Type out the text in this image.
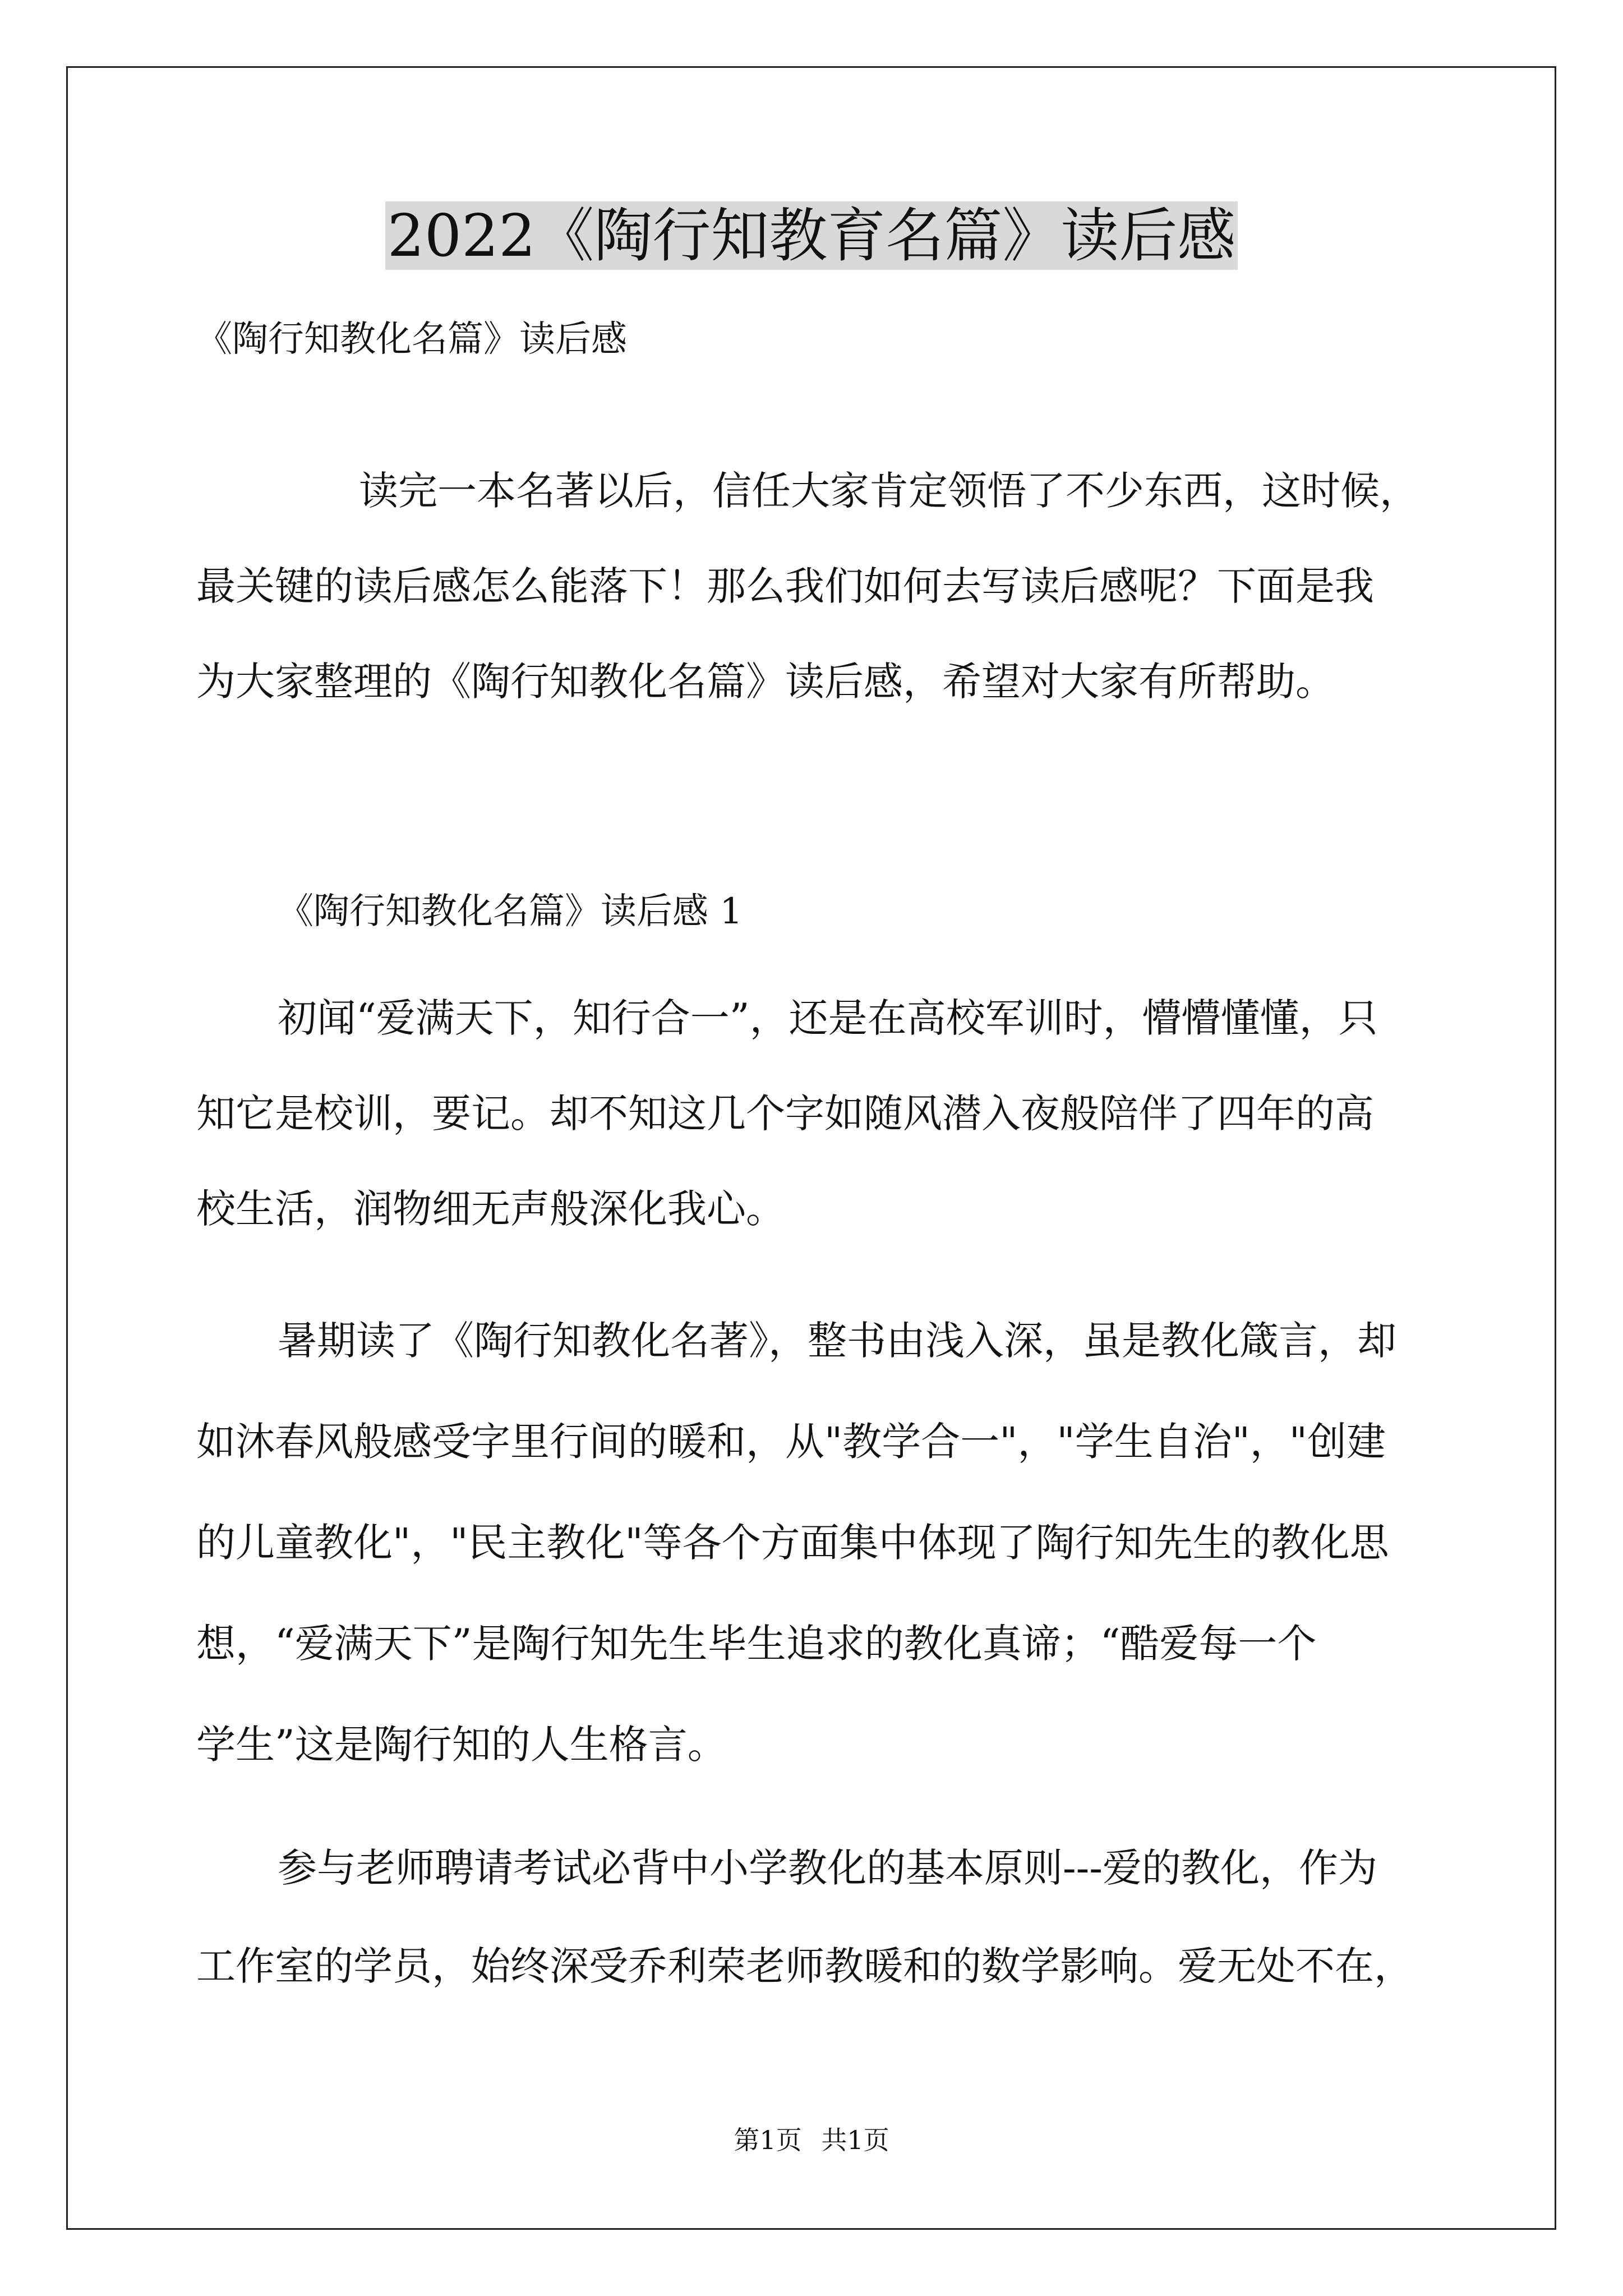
2022《陶行知教育名篇》读后感
《陶行知教化名篇》读后感
读完一本名著以后，信任大家肯定领悟了不少东西，这时候，
最关键的读后感怎么能落下！那么我们如何去写读后感呢？下面是我
为大家整理的《陶行知教化名篇》读后感，希望对大家有所帮助。
《陶行知教化名篇》读后感 1
初闻“爱满天下，知行合一”，还是在高校军训时，懵懵懂懂，只
知它是校训，要记。却不知这几个字如随风潜入夜般陪伴了四年的高
校生活，润物细无声般深化我心。
暑期读了《陶行知教化名著》，整书由浅入深，虽是教化箴言，却
如沐春风般感受字里行间的暖和，从"教学合一"，"学生自治"，"创建
的儿童教化"，"民主教化"等各个方面集中体现了陶行知先生的教化思
想，“爱满天下”是陶行知先生毕生追求的教化真谛；“酷爱每一个
学生”这是陶行知的人生格言。
参与老师聘请考试必背中小学教化的基本原则---爱的教化，作为
工作室的学员，始终深受乔利荣老师教暖和的数学影响。爱无处不在，
第1页 共1页
